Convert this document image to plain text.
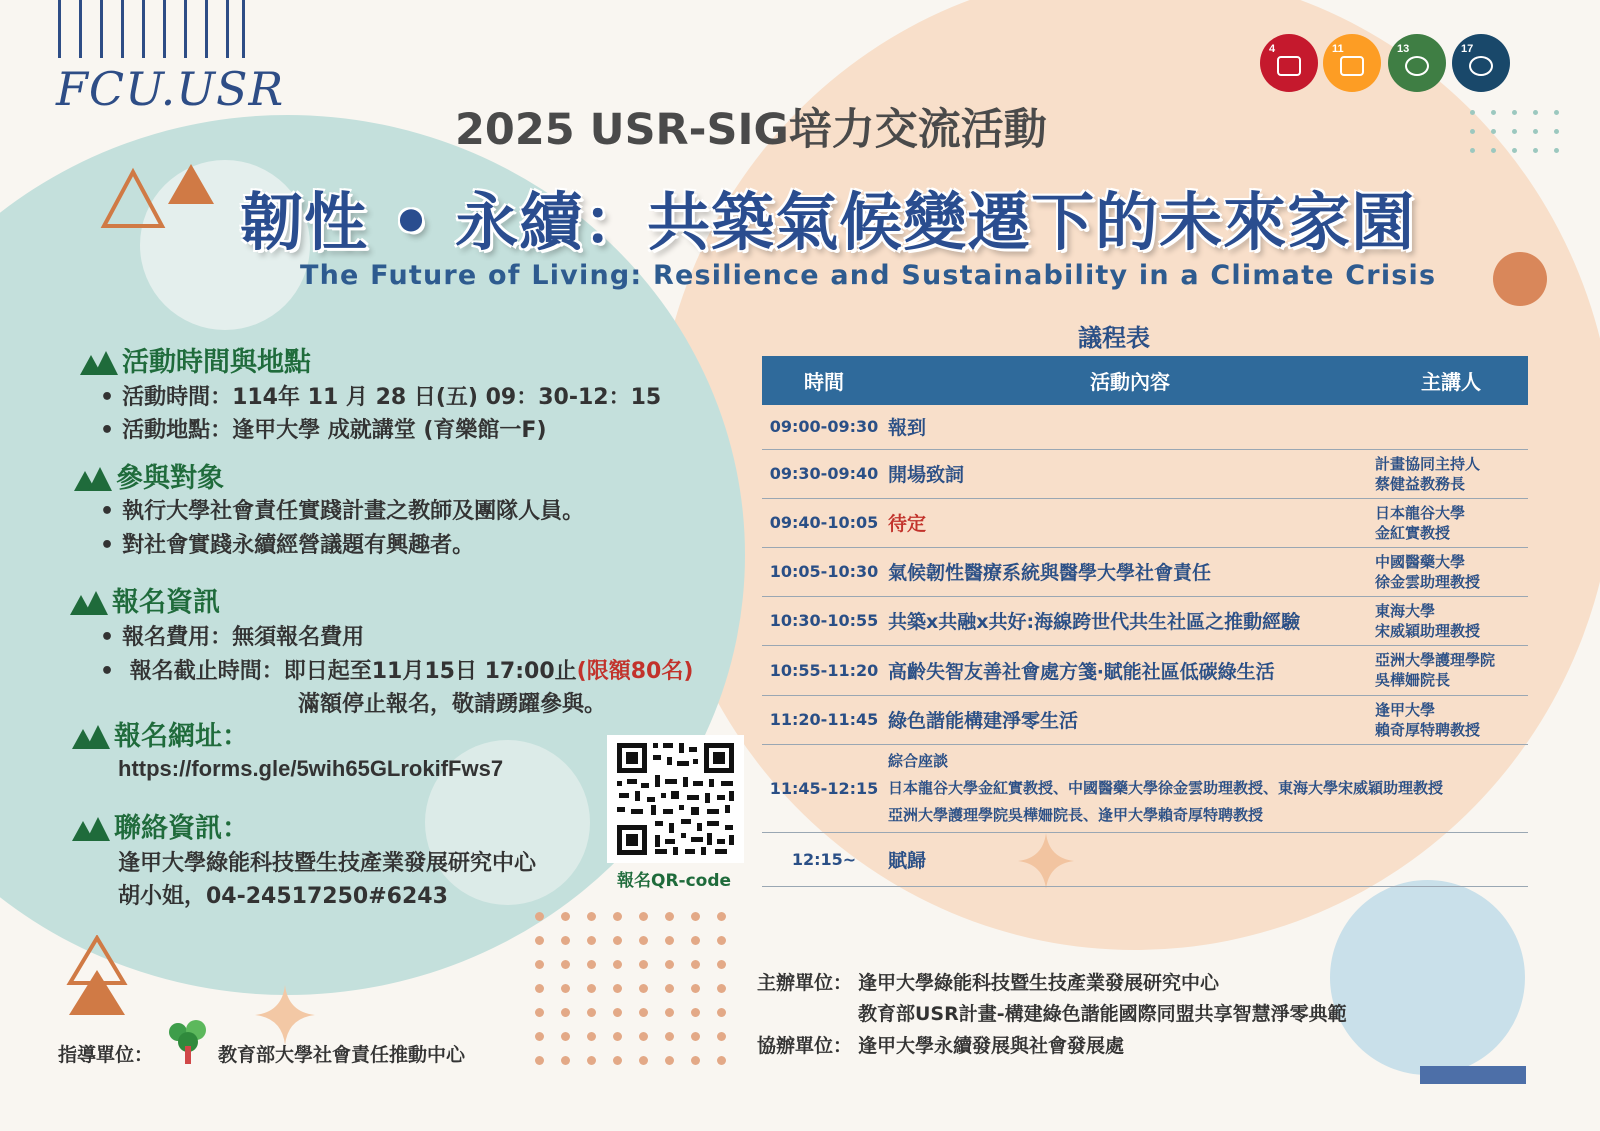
FCU.USR
4	11	13	17
2025 USR-SIG培力交流活動
韌性 • 永續：共築氣候變遷下的未來家園
The Future of Living: Resilience and Sustainability in a Climate Crisis
活動時間與地點
• 活動時間：114年 11 月 28 日(五) 09：30-12：15
• 活動地點：逢甲大學 成就講堂 (育樂館一F)
參與對象
• 執行大學社會責任實踐計畫之教師及團隊人員。
• 對社會實踐永續經營議題有興趣者。
報名資訊
• 報名費用：無須報名費用
• 報名截止時間：即日起至11月15日 17:00止(限額80名)
滿額停止報名，敬請踴躍參與。
報名網址：
https://forms.gle/5wih65GLrokifFws7
聯絡資訊：
逢甲大學綠能科技暨生技產業發展研究中心
胡小姐，04-24517250#6243
報名QR-code
議程表
時間	活動內容	主講人
09:00-09:30	報到	
09:30-09:40	開場致詞	計畫協同主持人
蔡健益教務長

09:40-10:05	待定	日本龍谷大學
金紅實教授

10:05-10:30	氣候韌性醫療系統與醫學大學社會責任	中國醫藥大學
徐金雲助理教授

10:30-10:55	共築x共融x共好:海線跨世代共生社區之推動經驗	東海大學
宋威穎助理教授

10:55-11:20	高齡失智友善社會處方箋‧賦能社區低碳綠生活	亞洲大學護理學院
吳樺姍院長

11:20-11:45	綠色諧能構建淨零生活	逢甲大學
賴奇厚特聘教授

11:45-12:15	綜合座談
日本龍谷大學金紅實教授、中國醫藥大學徐金雲助理教授、東海大學宋威穎助理教授
亞洲大學護理學院吳樺姍院長、逢甲大學賴奇厚特聘教授	

12:15~	賦歸	
指導單位：	教育部大學社會責任推動中心
主辦單位： 逢甲大學綠能科技暨生技產業發展研究中心
教育部USR計畫-構建綠色諧能國際同盟共享智慧淨零典範
協辦單位： 逢甲大學永續發展與社會發展處
